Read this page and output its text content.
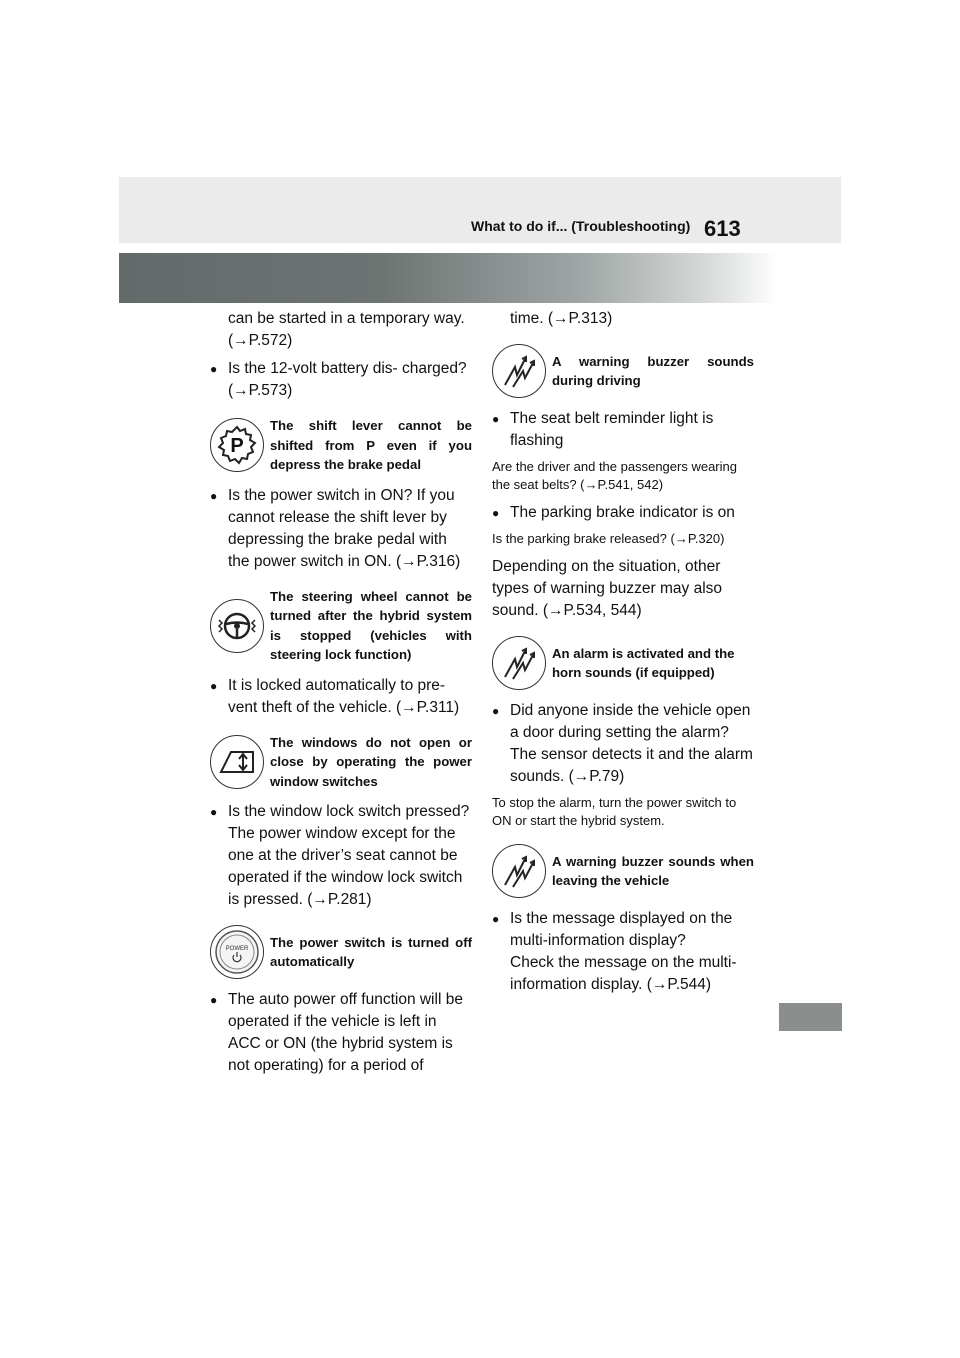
What to do if... (Troubleshooting) 613
can be started in a temporary way. (→P.572)
● Is the 12-volt battery dis- charged? (→P.573)
P
The shift lever cannot be shifted from P even if you depress the brake pedal
● Is the power switch in ON? If you cannot release the shift lever by depressing the brake pedal with the power switch in ON. (→P.316)
The steering wheel cannot be turned after the hybrid system is stopped (vehicles with steering lock function)
● It is locked automatically to pre- vent theft of the vehicle. (→P.311)
The windows do not open or close by operating the power window switches
● Is the window lock switch pressed?
The power window except for the one at the driver’s seat cannot be operated if the window lock switch is pressed. (→P.281)
POWER The power switch is turned off automatically
● The auto power off function will be operated if the vehicle is left in ACC or ON (the hybrid system is not operating) for a period of
time. (→P.313)
A warning buzzer sounds during driving
● The seat belt reminder light is flashing
Are the driver and the passengers wearing the seat belts? (→P.541, 542)
● The parking brake indicator is on
Is the parking brake released? (→P.320)
Depending on the situation, other types of warning buzzer may also sound. (→P.534, 544)
An alarm is activated and the horn sounds (if equipped)
● Did anyone inside the vehicle open a door during setting the alarm?
The sensor detects it and the alarm sounds. (→P.79)
To stop the alarm, turn the power switch to ON or start the hybrid system.
A warning buzzer sounds when leaving the vehicle
● Is the message displayed on the multi-information display?
Check the message on the multi- information display. (→P.544)
